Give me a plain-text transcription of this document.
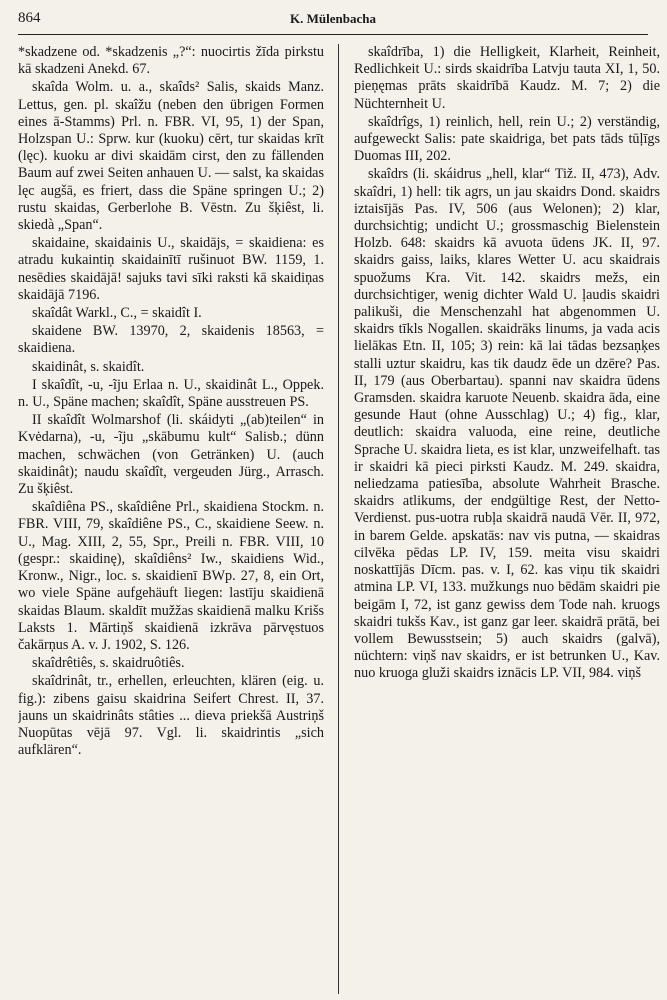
864	K. Mülenbacha

*skadzene od. *skadzenis „?“: nuocirtis žīda pirkstu kā skadzeni Anekd. 67.

skaîda Wolm. u. a., skaîds² Salis, skaids Manz. Lettus, gen. pl. skaîžu (neben den übrigen Formen eines ā-Stamms) Prl. n. FBR. VI, 95, 1) der Span, Holzspan U.: Sprw. kur (kuoku) cērt, tur skaidas krīt (lęc). kuoku ar divi skaidām cirst, den zu fällenden Baum auf zwei Seiten anhauen U. — salst, ka skaidas lęc augšā, es friert, dass die Späne springen U.; 2) rustu skaidas, Gerberlohe B. Vēstn. Zu šķiêst, li. skiedà „Span“.

skaidaine, skaidainis U., skaidājs, = skaidiena: es atradu kukaintiņ skaidainītī rušinuot BW. 1159, 1. nesēdies skaidājā! sajuks tavi sīki raksti kā skaidiņas skaidājā 7196.

skaîdât Warkl., C., = skaidît I.

skaidene BW. 13970, 2, skaidenis 18563, = skaidiena.

skaidinât, s. skaidît.

I skaîdît, -u, -ĩju Erlaa n. U., skaidinât L., Oppek. n. U., Späne machen; skaîdît, Späne ausstreuen PS.

II skaîdît Wolmarshof (li. skáidyti „(ab)teilen“ in Kvėdarna), -u, -ĩju „skābumu kult“ Salisb.; dünn machen, schwächen (von Getränken) U. (auch skaidinât); naudu skaîdît, vergeuden Jürg., Arrasch. Zu šķiêst.

skaîdiêna PS., skaîdiêne Prl., skaidiena Stockm. n. FBR. VIII, 79, skaîdiêne PS., C., skaidiene Seew. n. U., Mag. XIII, 2, 55, Spr., Preili n. FBR. VIII, 10 (gespr.: skaidinę), skaîdiêns² Iw., skaidiens Wid., Kronw., Nigr., loc. s. skaidienī BWp. 27, 8, ein Ort, wo viele Späne aufgehäuft liegen: lastīju skaidienā skaidas Blaum. skaldīt mužžas skaidienā malku Krišs Laksts 1. Mārtiņš skaidienā izkrāva pārvęstuos čakārņus A. v. J. 1902, S. 126.

skaîdrêtiês, s. skaidruôtiês.

skaîdrinât, tr., erhellen, erleuchten, klären (eig. u. fig.): zibens gaisu skaidrina Seifert Chrest. II, 37. jauns un skaidrinâts stâties ... dieva priekšā Austriņš Nuopūtas vējā 97. Vgl. li. skaidrintis „sich aufklären“.

skaîdrība, 1) die Helligkeit, Klarheit, Reinheit, Redlichkeit U.: sirds skaidrība Latvju tauta XI, 1, 50. pieņęmas prāts skaidrībā Kaudz. M. 7; 2) die Nüchternheit U.

skaîdrîgs, 1) reinlich, hell, rein U.; 2) verständig, aufgeweckt Salis: pate skaidriga, bet pats tāds tūļīgs Duomas III, 202.

skaîdrs (li. skáidrus „hell, klar“ Tiž. II, 473), Adv. skaîdri, 1) hell: tik agrs, un jau skaidrs Dond. skaidrs iztaisījās Pas. IV, 506 (aus Welonen); 2) klar, durchsichtig; undicht U.; grossmaschig Bielenstein Holzb. 648: skaidrs kā avuota ūdens JK. II, 97. skaidrs gaiss, laiks, klares Wetter U. acu skaidrais spuožums Kra. Vit. 142. skaidrs mežs, ein durchsichtiger, wenig dichter Wald U. ļaudis skaidri palikuši, die Menschenzahl hat abgenommen U. skaidrs tīkls Nogallen. skaidrāks linums, ja vada acis lielākas Etn. II, 105; 3) rein: kā lai tādas bezsaņķes stalli uztur skaidru, kas tik daudz ēde un dzēre? Pas. II, 179 (aus Oberbartau). spanni nav skaidra ūdens Gramsden. skaidra karuote Neuenb. skaidra āda, eine gesunde Haut (ohne Ausschlag) U.; 4) fig., klar, deutlich: skaidra valuoda, eine reine, deutliche Sprache U. skaidra lieta, es ist klar, unzweifelhaft. tas ir skaidri kā pieci pirksti Kaudz. M. 249. skaidra, neliedzama patiesība, absolute Wahrheit Brasche. skaidrs atlikums, der endgültige Rest, der Netto-Verdienst. pus-uotra rubļa skaidrā naudā Vēr. II, 972, in barem Gelde. apskatās: nav vis putna, — skaidras cilvēka pēdas LP. IV, 159. meita visu skaidri noskattījās Dīcm. pas. v. I, 62. kas viņu tik skaidri atmina LP. VI, 133. mužkungs nuo bēdām skaidri pie beigām I, 72, ist ganz gewiss dem Tode nah. kruogs skaidri tukšs Kav., ist ganz gar leer. skaidrā prātā, bei vollem Bewusstsein; 5) auch skaidrs (galvā), nüchtern: viņš nav skaidrs, er ist betrunken U., Kav. nuo kruoga gluži skaidrs iznācis LP. VII, 984. viņš
